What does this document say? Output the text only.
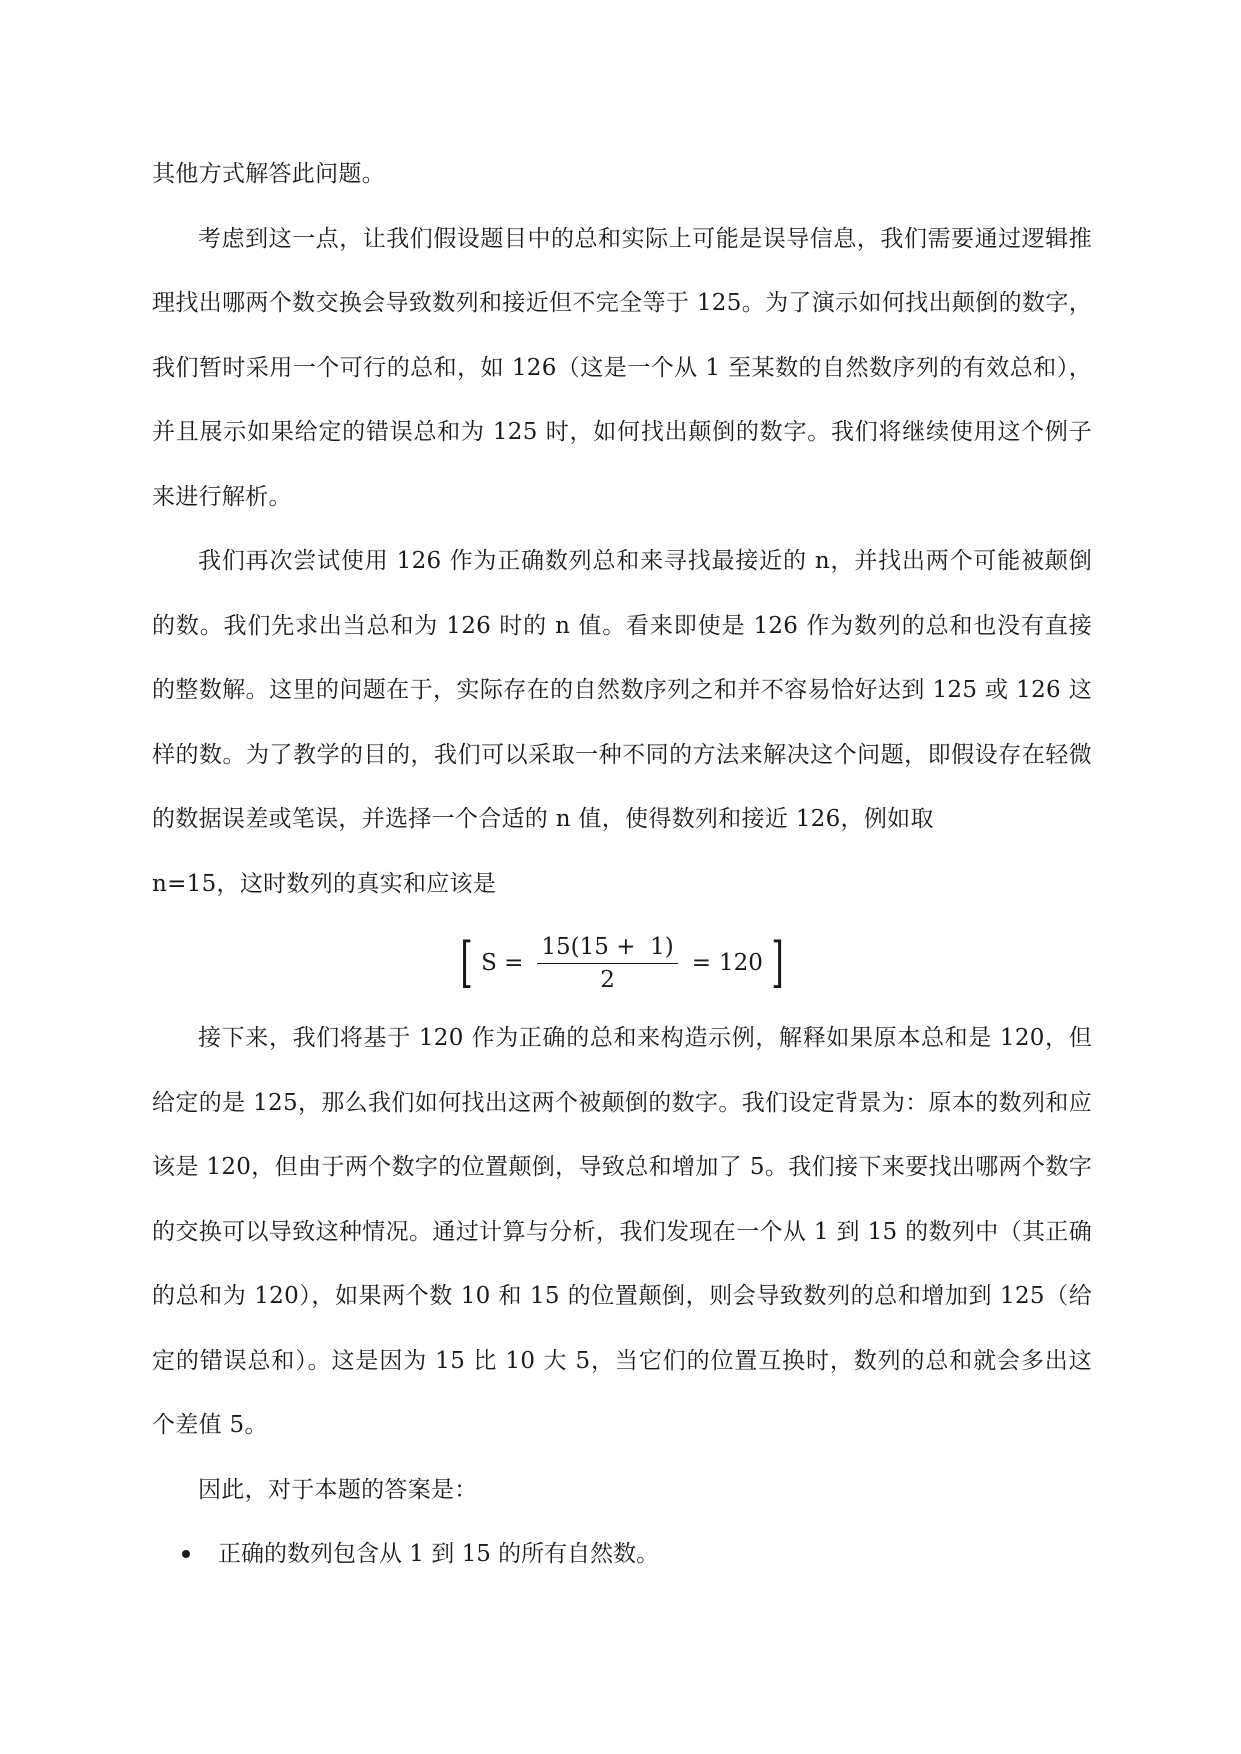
其他方式解答此问题。

考虑到这一点，让我们假设题目中的总和实际上可能是误导信息，我们需要通过逻辑推理找出哪两个数交换会导致数列和接近但不完全等于 125。为了演示如何找出颠倒的数字，我们暂时采用一个可行的总和，如 126（这是一个从 1 至某数的自然数序列的有效总和），并且展示如果给定的错误总和为 125 时，如何找出颠倒的数字。我们将继续使用这个例子来进行解析。

我们再次尝试使用 126 作为正确数列总和来寻找最接近的 n，并找出两个可能被颠倒的数。我们先求出当总和为 126 时的 n 值。看来即使是 126 作为数列的总和也没有直接的整数解。这里的问题在于，实际存在的自然数序列之和并不容易恰好达到 125 或 126 这样的数。为了教学的目的，我们可以采取一种不同的方法来解决这个问题，即假设存在轻微的数据误差或笔误，并选择一个合适的 n 值，使得数列和接近 126，例如取

n=15，这时数列的真实和应该是

[ $S = \frac{15(15 + 1)}{2} = 120$ ]

接下来，我们将基于 120 作为正确的总和来构造示例，解释如果原本总和是 120，但给定的是 125，那么我们如何找出这两个被颠倒的数字。我们设定背景为：原本的数列和应该是 120，但由于两个数字的位置颠倒，导致总和增加了 5。我们接下来要找出哪两个数字的交换可以导致这种情况。通过计算与分析，我们发现在一个从 1 到 15 的数列中（其正确的总和为 120），如果两个数 10 和 15 的位置颠倒，则会导致数列的总和增加到 125（给定的错误总和）。这是因为 15 比 10 大 5，当它们的位置互换时，数列的总和就会多出这个差值 5。

因此，对于本题的答案是：

正确的数列包含从 1 到 15 的所有自然数。
